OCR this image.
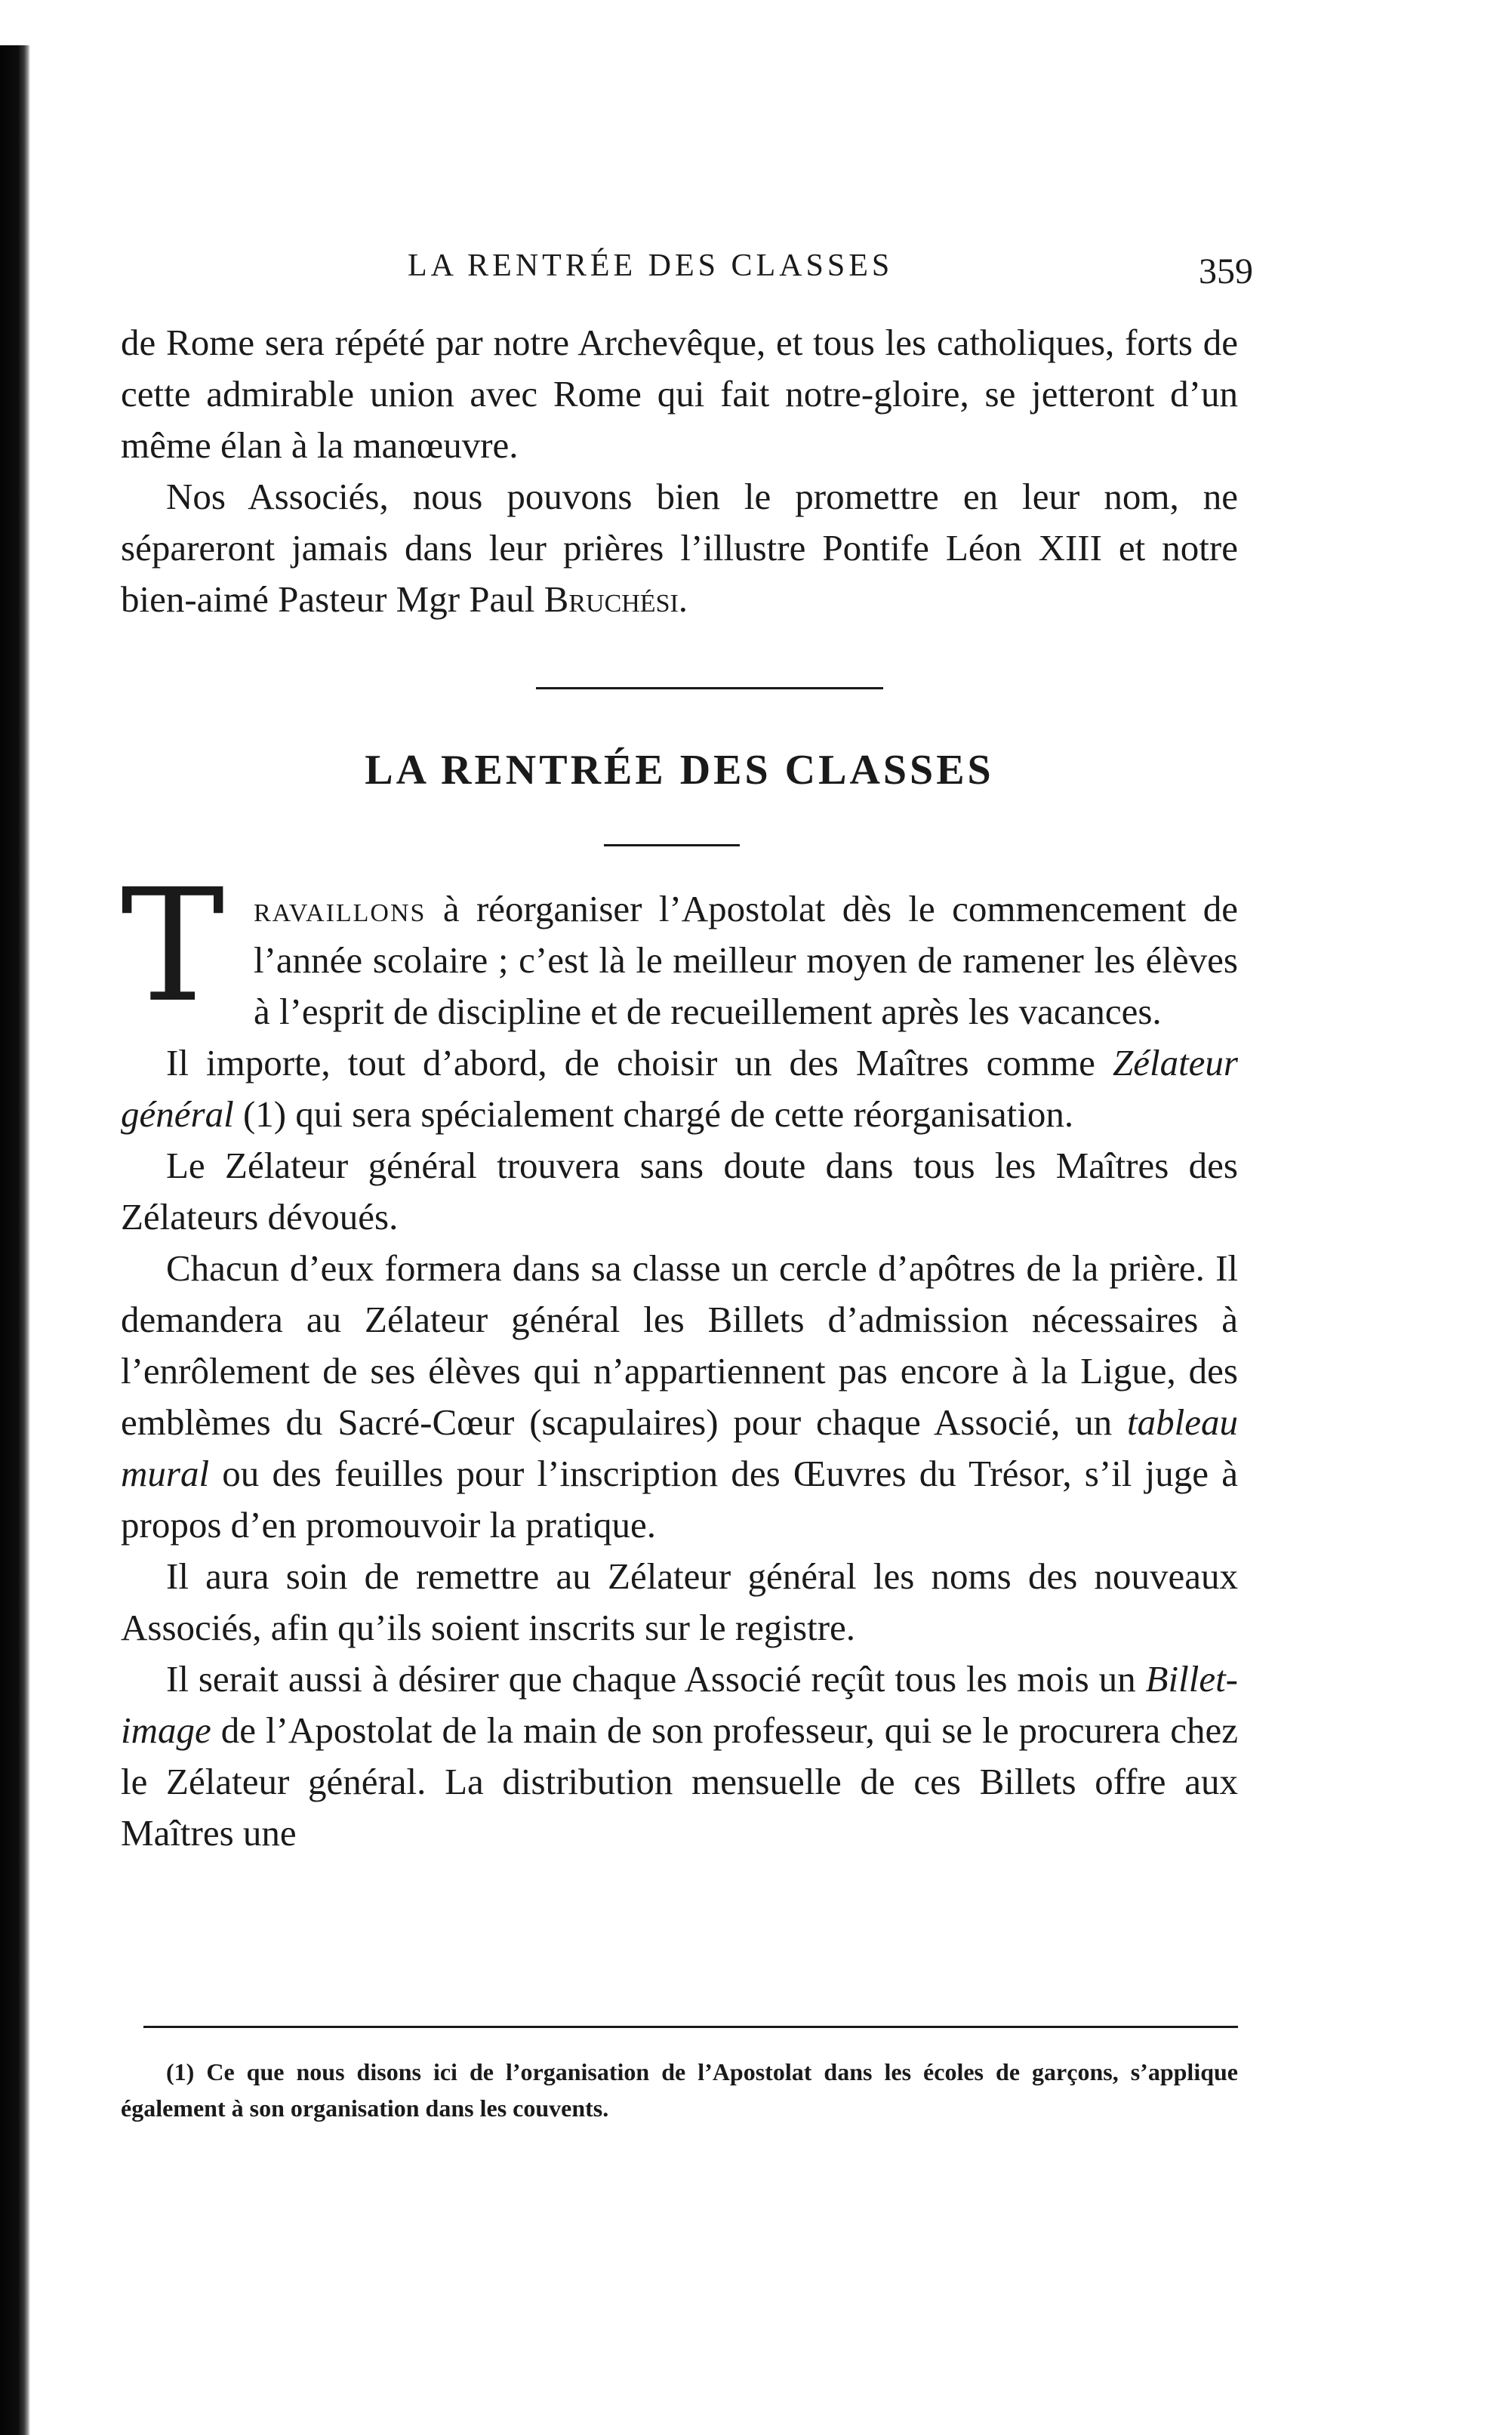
LA RENTRÉE DES CLASSES	359

de Rome sera répété par notre Archevêque, et tous les catholiques, forts de cette admirable union avec Rome qui fait notre-gloire, se jetteront d’un même élan à la manœuvre.

Nos Associés, nous pouvons bien le promettre en leur nom, ne sépareront jamais dans leur prières l’illustre Pontife Léon XIII et notre bien-aimé Pasteur Mgr Paul Bruchési.

LA RENTRÉE DES CLASSES

Travaillons à réorganiser l’Apostolat dès le commencement de l’année scolaire ; c’est là le meilleur moyen de ramener les élèves à l’esprit de discipline et de recueillement après les vacances.

Il importe, tout d’abord, de choisir un des Maîtres comme Zélateur général (1) qui sera spécialement chargé de cette réorganisation.

Le Zélateur général trouvera sans doute dans tous les Maîtres des Zélateurs dévoués.

Chacun d’eux formera dans sa classe un cercle d’apôtres de la prière. Il demandera au Zélateur général les Billets d’admission nécessaires à l’enrôlement de ses élèves qui n’appartiennent pas encore à la Ligue, des emblèmes du Sacré-Cœur (scapulaires) pour chaque Associé, un tableau mural ou des feuilles pour l’inscription des Œuvres du Trésor, s’il juge à propos d’en promouvoir la pratique.

Il aura soin de remettre au Zélateur général les noms des nouveaux Associés, afin qu’ils soient inscrits sur le registre.

Il serait aussi à désirer que chaque Associé reçût tous les mois un Billet-image de l’Apostolat de la main de son professeur, qui se le procurera chez le Zélateur général. La distribution mensuelle de ces Billets offre aux Maîtres une

(1) Ce que nous disons ici de l’organisation de l’Apostolat dans les écoles de garçons, s’applique également à son organisation dans les couvents.
